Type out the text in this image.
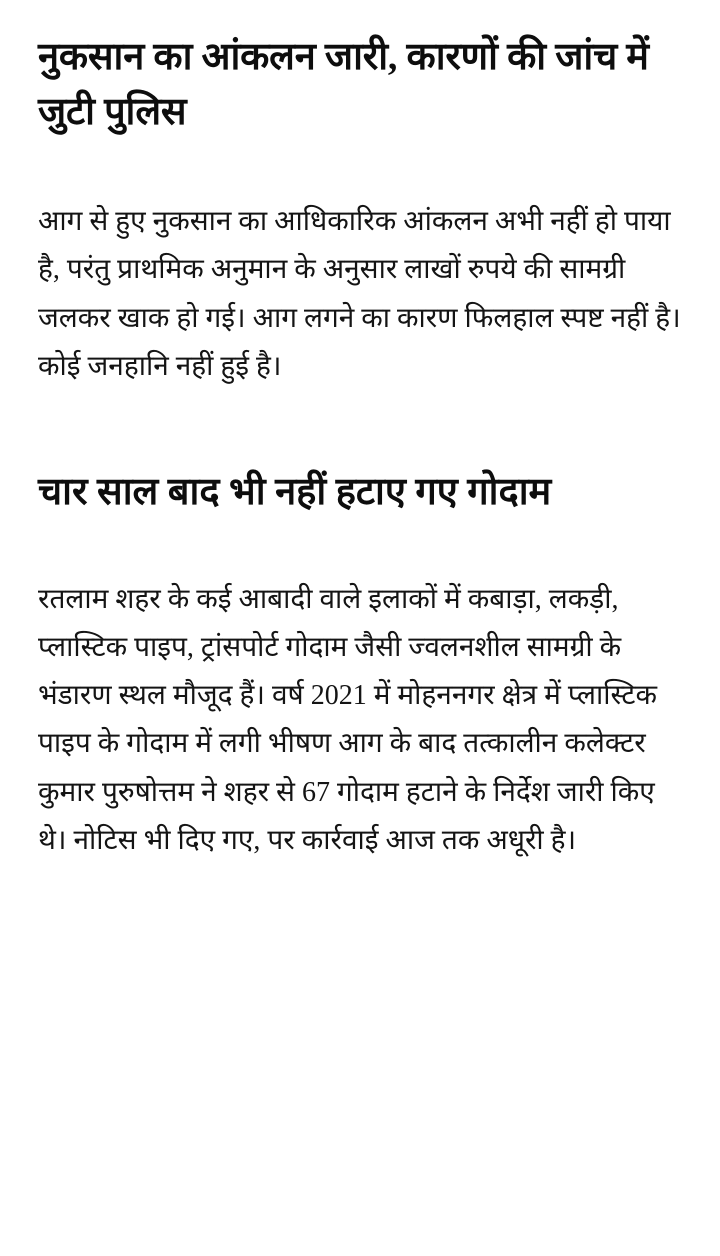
नुकसान का आंकलन जारी, कारणों की जांच में जुटी पुलिस

आग से हुए नुकसान का आधिकारिक आंकलन अभी नहीं हो पाया है, परंतु प्राथमिक अनुमान के अनुसार लाखों रुपये की सामग्री जलकर खाक हो गई। आग लगने का कारण फिलहाल स्पष्ट नहीं है। कोई जनहानि नहीं हुई है।

चार साल बाद भी नहीं हटाए गए गोदाम

रतलाम शहर के कई आबादी वाले इलाकों में कबाड़ा, लकड़ी, प्लास्टिक पाइप, ट्रांसपोर्ट गोदाम जैसी ज्वलनशील सामग्री के भंडारण स्थल मौजूद हैं। वर्ष 2021 में मोहननगर क्षेत्र में प्लास्टिक पाइप के गोदाम में लगी भीषण आग के बाद तत्कालीन कलेक्टर कुमार पुरुषोत्तम ने शहर से 67 गोदाम हटाने के निर्देश जारी किए थे। नोटिस भी दिए गए, पर कार्रवाई आज तक अधूरी है।
